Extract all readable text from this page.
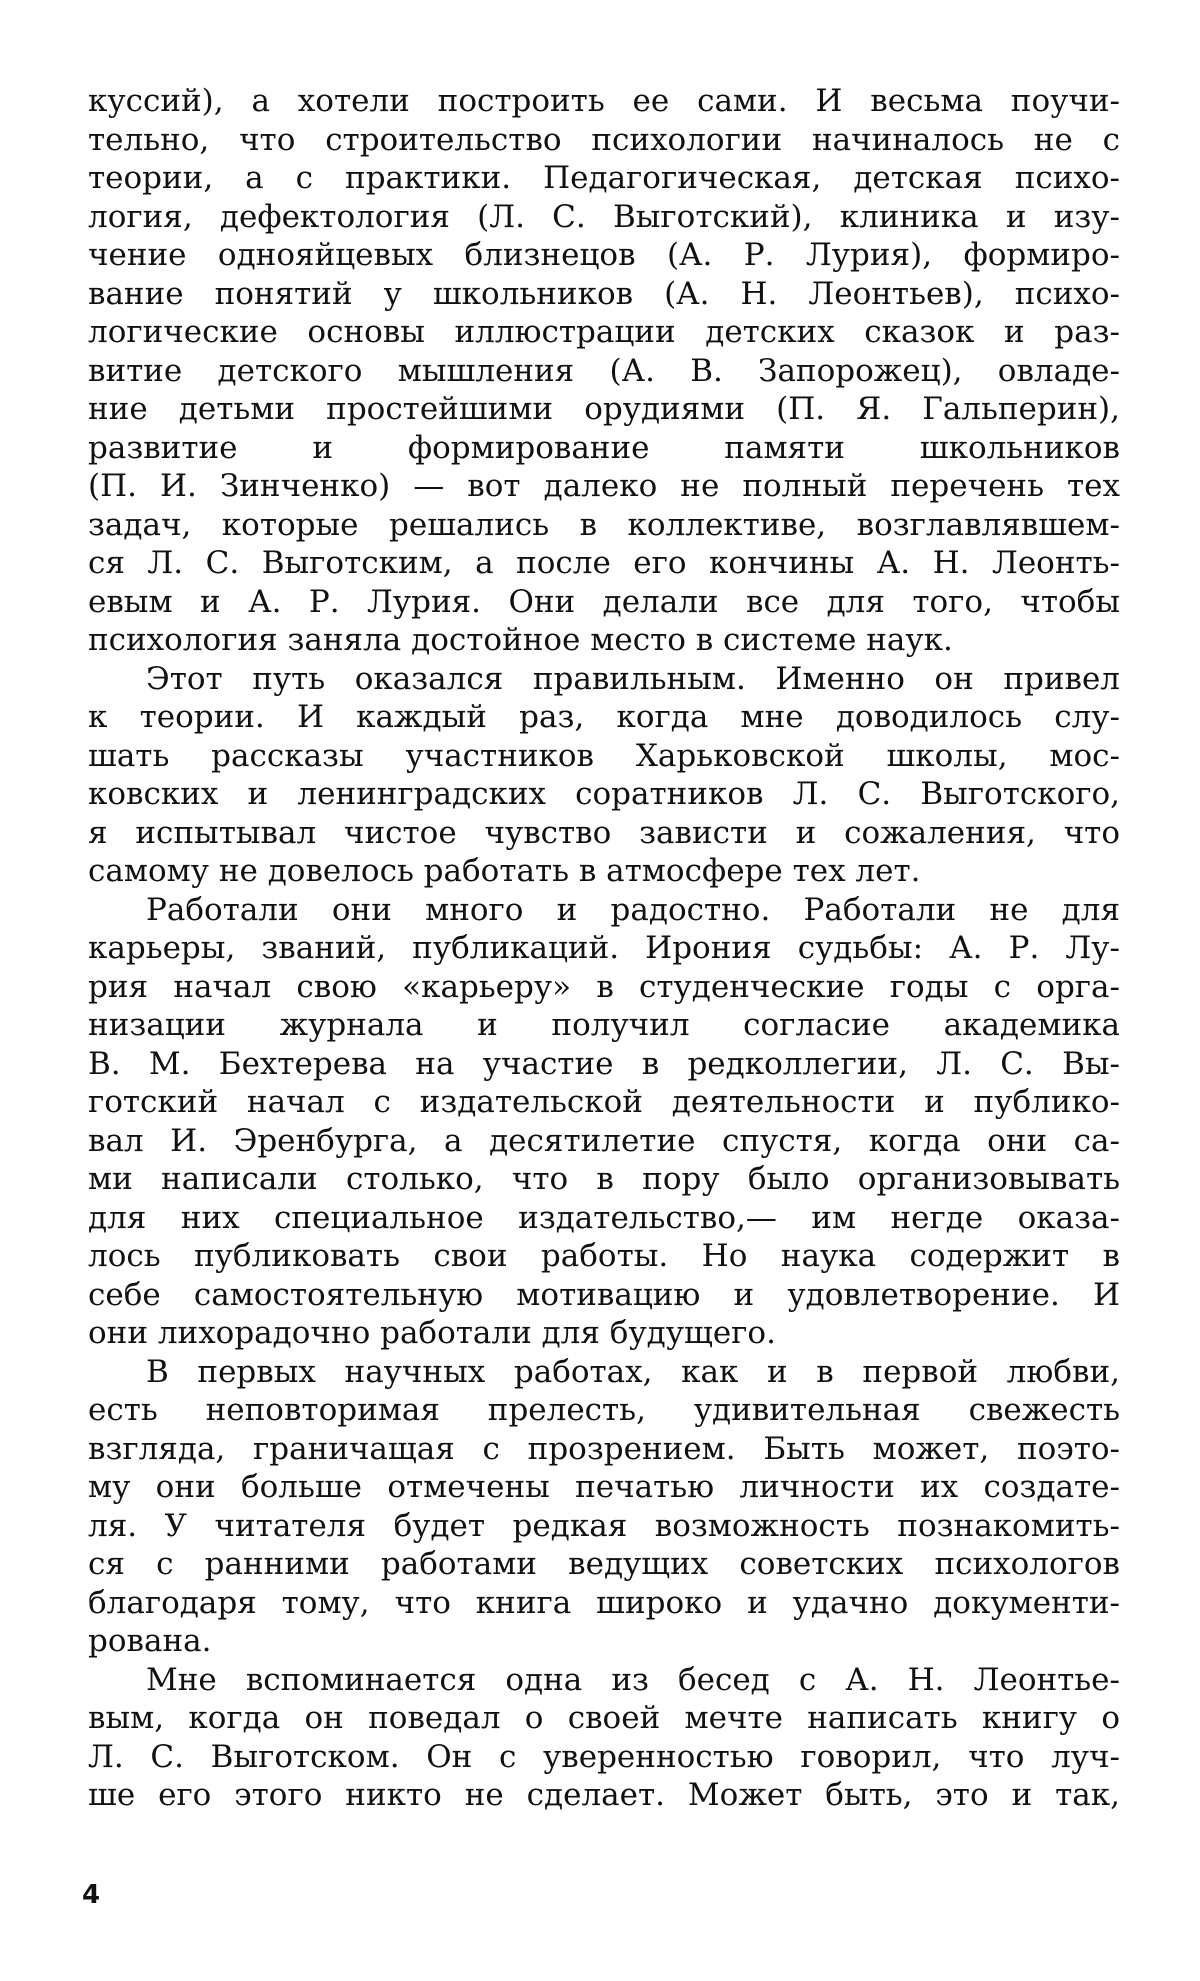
куссий), а хотели построить ее сами. И весьма поучи-
тельно, что строительство психологии начиналось не с
теории, а с практики. Педагогическая, детская психо-
логия, дефектология (Л. С. Выготский), клиника и изу-
чение однояйцевых близнецов (А. Р. Лурия), формиро-
вание понятий у школьников (А. Н. Леонтьев), психо-
логические основы иллюстрации детских сказок и раз-
витие детского мышления (А. В. Запорожец), овладе-
ние детьми простейшими орудиями (П. Я. Гальперин),
развитие и формирование памяти школьников
(П. И. Зинченко) — вот далеко не полный перечень тех
задач, которые решались в коллективе, возглавлявшем-
ся Л. С. Выготским, а после его кончины А. Н. Леонть-
евым и А. Р. Лурия. Они делали все для того, чтобы
психология заняла достойное место в системе наук.
Этот путь оказался правильным. Именно он привел
к теории. И каждый раз, когда мне доводилось слу-
шать рассказы участников Харьковской школы, мос-
ковских и ленинградских соратников Л. С. Выготского,
я испытывал чистое чувство зависти и сожаления, что
самому не довелось работать в атмосфере тех лет.
Работали они много и радостно. Работали не для
карьеры, званий, публикаций. Ирония судьбы: А. Р. Лу-
рия начал свою «карьеру» в студенческие годы с орга-
низации журнала и получил согласие академика
В. М. Бехтерева на участие в редколлегии, Л. С. Вы-
готский начал с издательской деятельности и публико-
вал И. Эренбурга, а десятилетие спустя, когда они са-
ми написали столько, что в пору было организовывать
для них специальное издательство,— им негде оказа-
лось публиковать свои работы. Но наука содержит в
себе самостоятельную мотивацию и удовлетворение. И
они лихорадочно работали для будущего.
В первых научных работах, как и в первой любви,
есть неповторимая прелесть, удивительная свежесть
взгляда, граничащая с прозрением. Быть может, поэто-
му они больше отмечены печатью личности их создате-
ля. У читателя будет редкая возможность познакомить-
ся с ранними работами ведущих советских психологов
благодаря тому, что книга широко и удачно документи-
рована.
Мне вспоминается одна из бесед с А. Н. Леонтье-
вым, когда он поведал о своей мечте написать книгу о
Л. С. Выготском. Он с уверенностью говорил, что луч-
ше его этого никто не сделает. Может быть, это и так,
4
